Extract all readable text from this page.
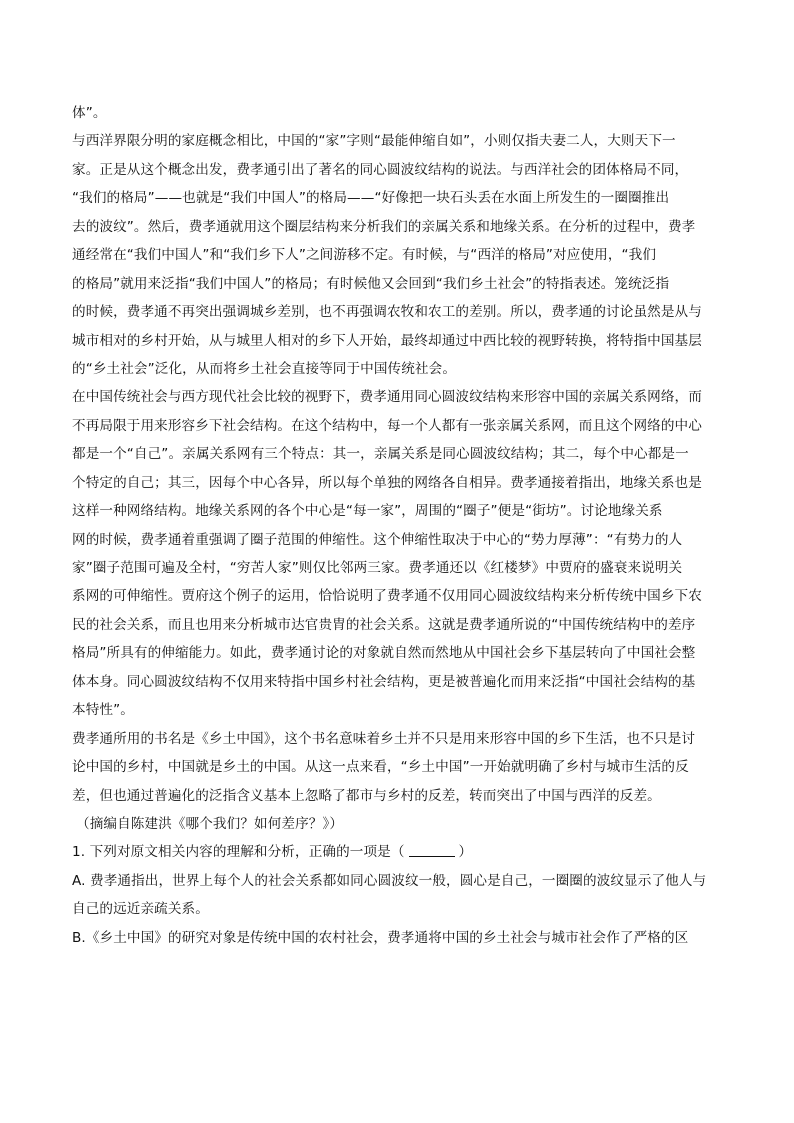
体”。
与西洋界限分明的家庭概念相比，中国的“家”字则“最能伸缩自如”，小则仅指夫妻二人，大则天下一
家。正是从这个概念出发，费孝通引出了著名的同心圆波纹结构的说法。与西洋社会的团体格局不同，
“我们的格局”——也就是“我们中国人”的格局——“好像把一块石头丢在水面上所发生的一圈圈推出
去的波纹”。然后，费孝通就用这个圈层结构来分析我们的亲属关系和地缘关系。在分析的过程中，费孝
通经常在“我们中国人”和“我们乡下人”之间游移不定。有时候，与“西洋的格局”对应使用，“我们
的格局”就用来泛指“我们中国人”的格局；有时候他又会回到“我们乡土社会”的特指表述。笼统泛指
的时候，费孝通不再突出强调城乡差别，也不再强调农牧和农工的差别。所以，费孝通的讨论虽然是从与
城市相对的乡村开始，从与城里人相对的乡下人开始，最终却通过中西比较的视野转换，将特指中国基层
的“乡土社会”泛化，从而将乡土社会直接等同于中国传统社会。
在中国传统社会与西方现代社会比较的视野下，费孝通用同心圆波纹结构来形容中国的亲属关系网络，而
不再局限于用来形容乡下社会结构。在这个结构中，每一个人都有一张亲属关系网，而且这个网络的中心
都是一个“自己”。亲属关系网有三个特点：其一，亲属关系是同心圆波纹结构；其二，每个中心都是一
个特定的自己；其三，因每个中心各异，所以每个单独的网络各自相异。费孝通接着指出，地缘关系也是
这样一种网络结构。地缘关系网的各个中心是“每一家”，周围的“圈子”便是“街坊”。讨论地缘关系
网的时候，费孝通着重强调了圈子范围的伸缩性。这个伸缩性取决于中心的“势力厚薄”：“有势力的人
家”圈子范围可遍及全村，“穷苦人家”则仅比邻两三家。费孝通还以《红楼梦》中贾府的盛衰来说明关
系网的可伸缩性。贾府这个例子的运用，恰恰说明了费孝通不仅用同心圆波纹结构来分析传统中国乡下农
民的社会关系，而且也用来分析城市达官贵胄的社会关系。这就是费孝通所说的“中国传统结构中的差序
格局”所具有的伸缩能力。如此，费孝通讨论的对象就自然而然地从中国社会乡下基层转向了中国社会整
体本身。同心圆波纹结构不仅用来特指中国乡村社会结构，更是被普遍化而用来泛指“中国社会结构的基
本特性”。
费孝通所用的书名是《乡土中国》，这个书名意味着乡土并不只是用来形容中国的乡下生活，也不只是讨
论中国的乡村，中国就是乡土的中国。从这一点来看，“乡土中国”一开始就明确了乡村与城市生活的反
差，但也通过普遍化的泛指含义基本上忽略了都市与乡村的反差，转而突出了中国与西洋的反差。
（摘编自陈建洪《哪个我们？如何差序？》）
1. 下列对原文相关内容的理解和分析，正确的一项是（	）
A. 费孝通指出，世界上每个人的社会关系都如同心圆波纹一般，圆心是自己，一圈圈的波纹显示了他人与
自己的远近亲疏关系。
B.《乡土中国》的研究对象是传统中国的农村社会，费孝通将中国的乡土社会与城市社会作了严格的区
